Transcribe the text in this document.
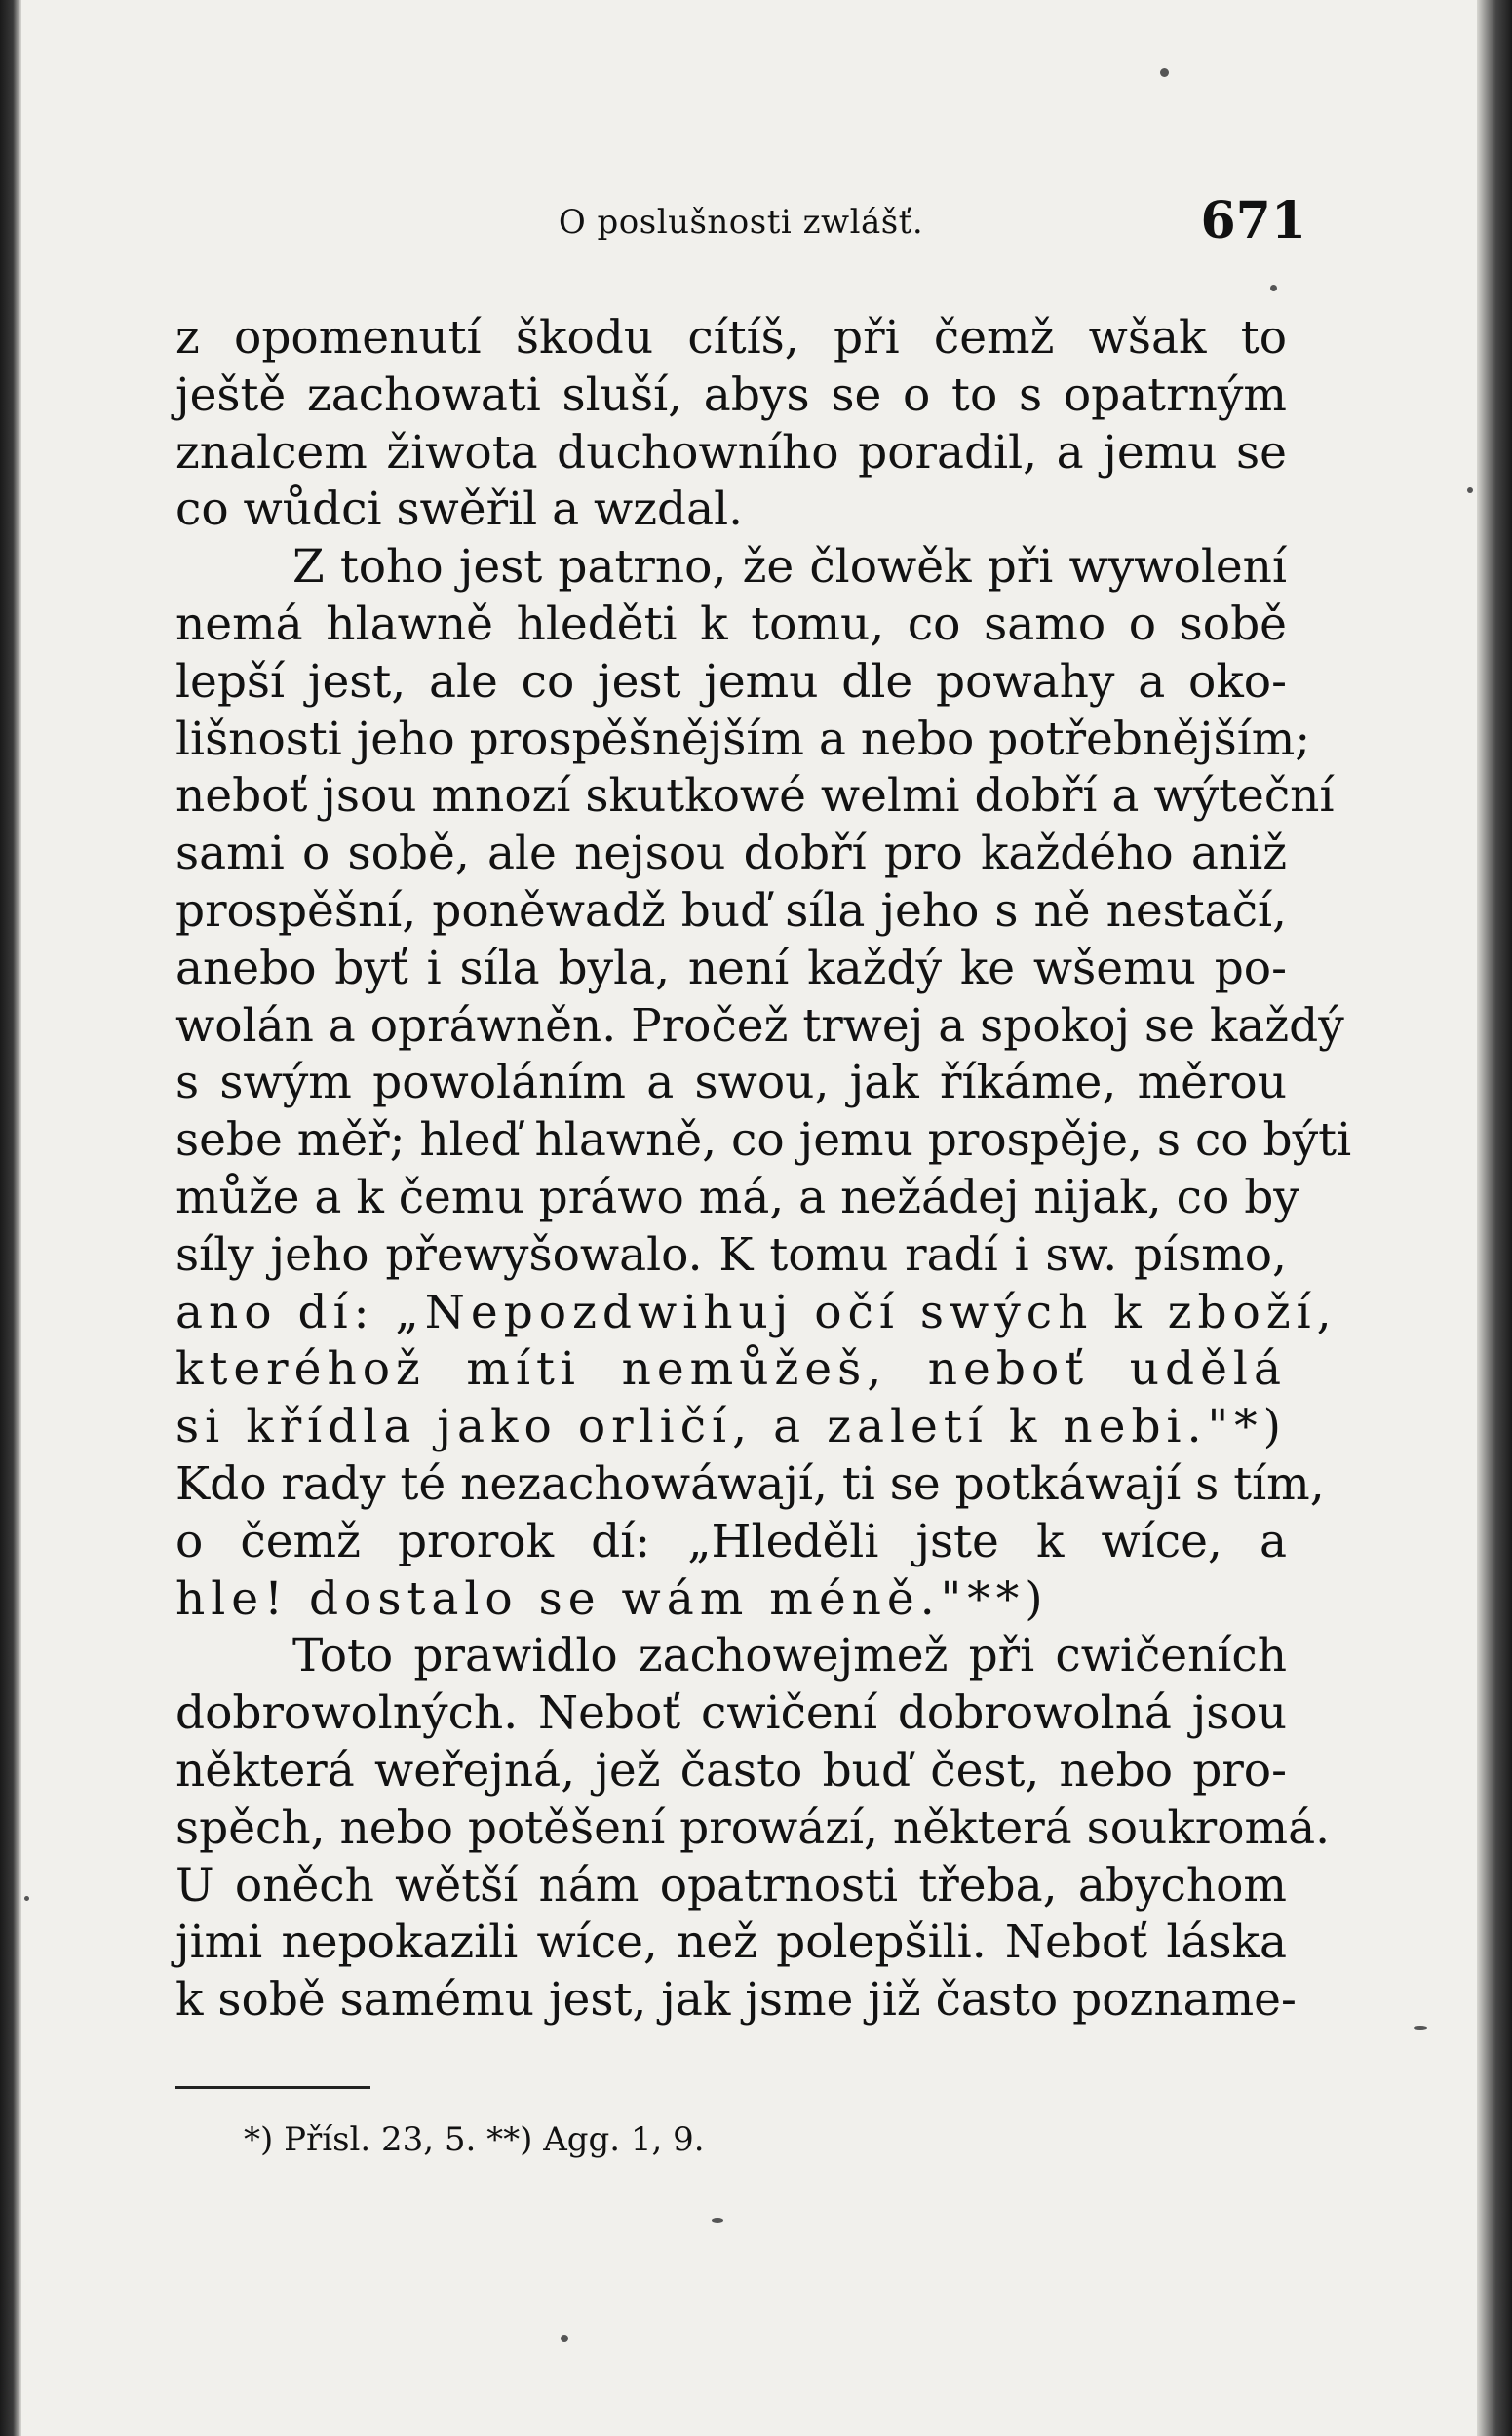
O poslušnosti zwlášť.	671
z opomenutí škodu cítíš, při čemž wšak to
ještě zachowati sluší, abys se o to s opatrným
znalcem žiwota duchowního poradil, a jemu se
co wůdci swěřil a wzdal.
Z toho jest patrno, že člowěk při wywolení
nemá hlawně hleděti k tomu, co samo o sobě
lepší jest, ale co jest jemu dle powahy a oko-
lišnosti jeho prospěšnějším a nebo potřebnějším;
neboť jsou mnozí skutkowé welmi dobří a wýteční
sami o sobě, ale nejsou dobří pro každého aniž
prospěšní, poněwadž buď síla jeho s ně nestačí,
anebo byť i síla byla, není každý ke wšemu po-
wolán a opráwněn. Pročež trwej a spokoj se každý
s swým powoláním a swou, jak říkáme, měrou
sebe měř; hleď hlawně, co jemu prospěje, s co býti
může a k čemu práwo má, a nežádej nijak, co by
síly jeho přewyšowalo. K tomu radí i sw. písmo,
ano dí: „Nepozdwihuj očí swých k zboží,
kteréhož míti nemůžeš, neboť udělá
si křídla jako orličí, a zaletí k nebi."*)
Kdo rady té nezachowáwají, ti se potkáwají s tím,
o čemž prorok dí: „Hleděli jste k wíce, a
hle! dostalo se wám méně."**)
Toto prawidlo zachowejmež při cwičeních
dobrowolných. Neboť cwičení dobrowolná jsou
některá weřejná, jež často buď čest, nebo pro-
spěch, nebo potěšení prowází, některá soukromá.
U oněch wětší nám opatrnosti třeba, abychom
jimi nepokazili wíce, než polepšili. Neboť láska
k sobě samému jest, jak jsme již často pozname-
*) Přísl. 23, 5. **) Agg. 1, 9.
